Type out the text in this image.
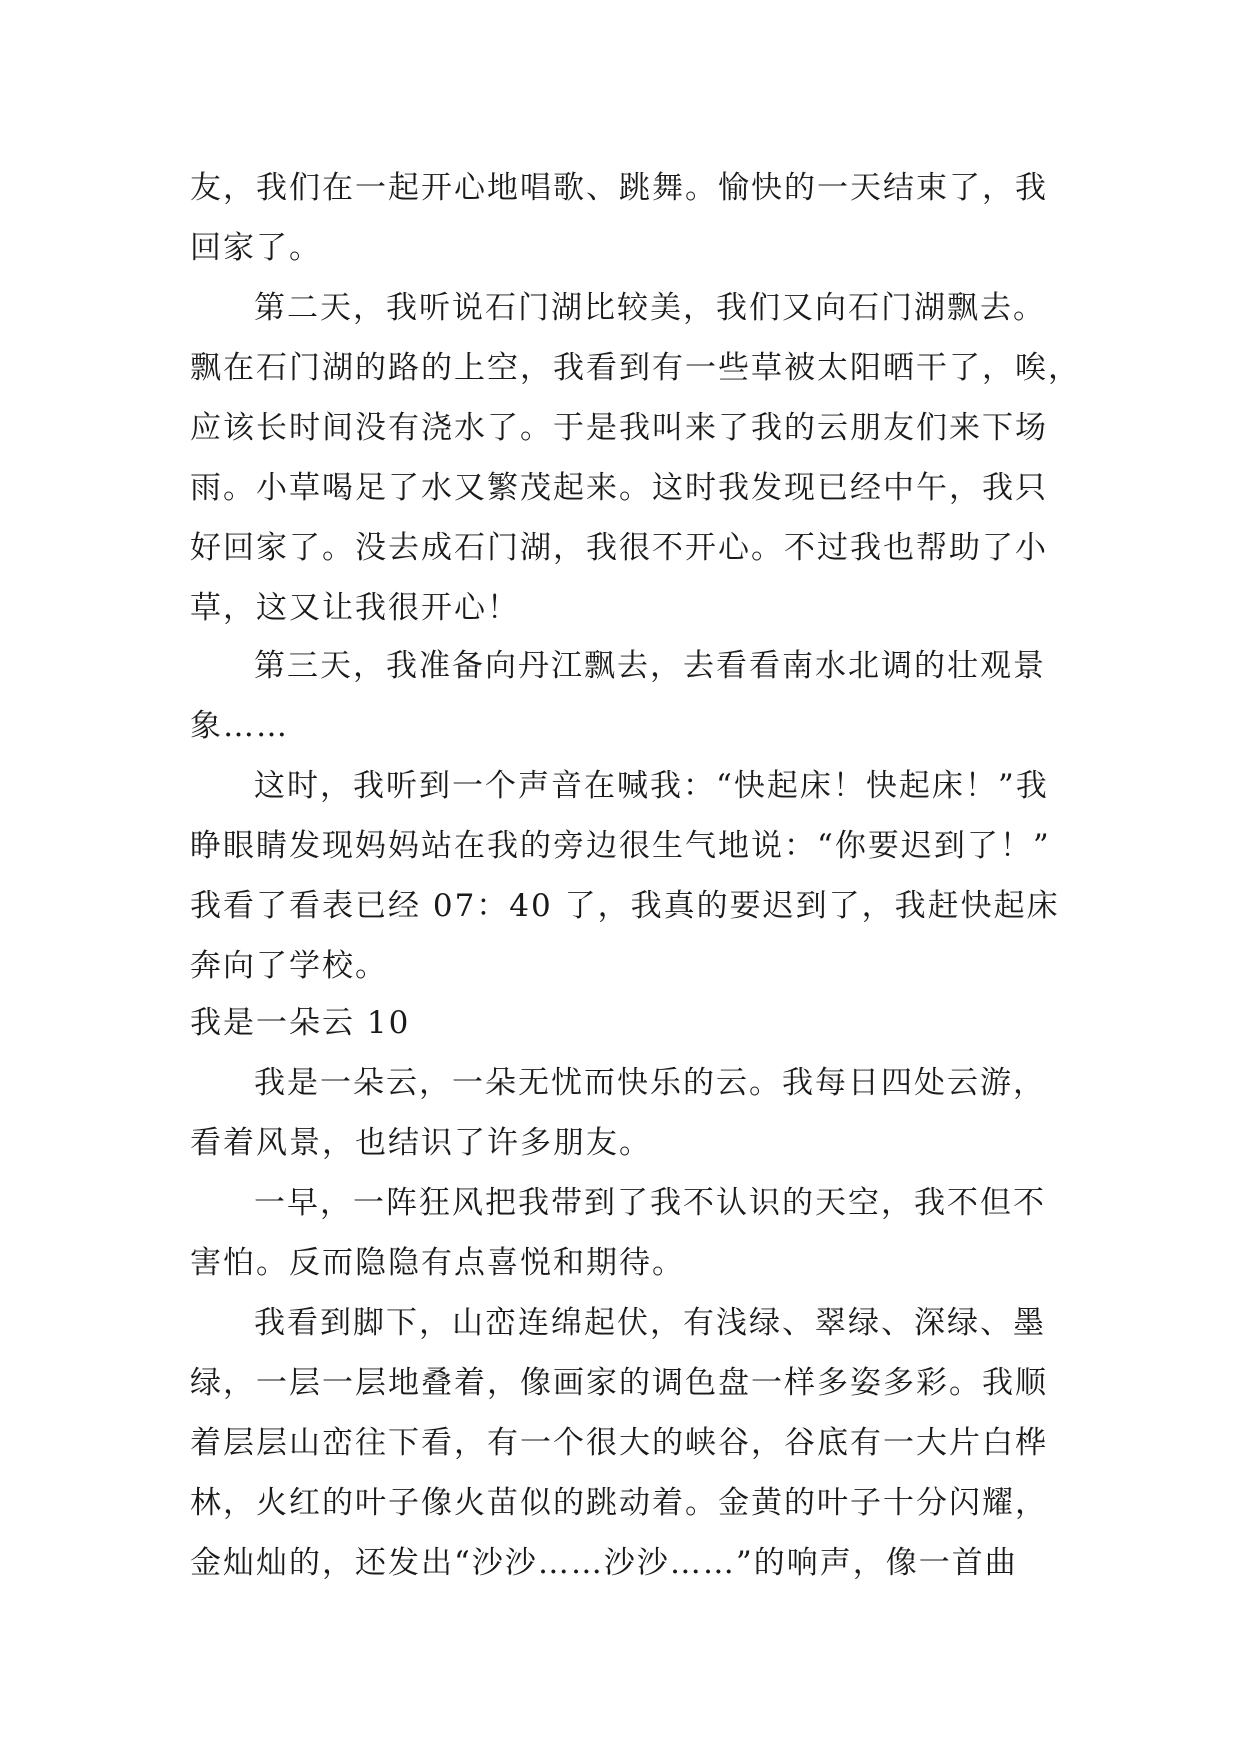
友，我们在一起开心地唱歌、跳舞。愉快的一天结束了，我
回家了。
第二天，我听说石门湖比较美，我们又向石门湖飘去。
飘在石门湖的路的上空，我看到有一些草被太阳晒干了，唉，
应该长时间没有浇水了。于是我叫来了我的云朋友们来下场
雨。小草喝足了水又繁茂起来。这时我发现已经中午，我只
好回家了。没去成石门湖，我很不开心。不过我也帮助了小
草，这又让我很开心！
第三天，我准备向丹江飘去，去看看南水北调的壮观景
象……
这时，我听到一个声音在喊我：“快起床！快起床！”我
睁眼睛发现妈妈站在我的旁边很生气地说：“你要迟到了！”
我看了看表已经 07：40 了，我真的要迟到了，我赶快起床
奔向了学校。
我是一朵云 10
我是一朵云，一朵无忧而快乐的云。我每日四处云游，
看着风景，也结识了许多朋友。
一早，一阵狂风把我带到了我不认识的天空，我不但不
害怕。反而隐隐有点喜悦和期待。
我看到脚下，山峦连绵起伏，有浅绿、翠绿、深绿、墨
绿，一层一层地叠着，像画家的调色盘一样多姿多彩。我顺
着层层山峦往下看，有一个很大的峡谷，谷底有一大片白桦
林，火红的叶子像火苗似的跳动着。金黄的叶子十分闪耀，
金灿灿的，还发出“沙沙……沙沙……”的响声，像一首曲
